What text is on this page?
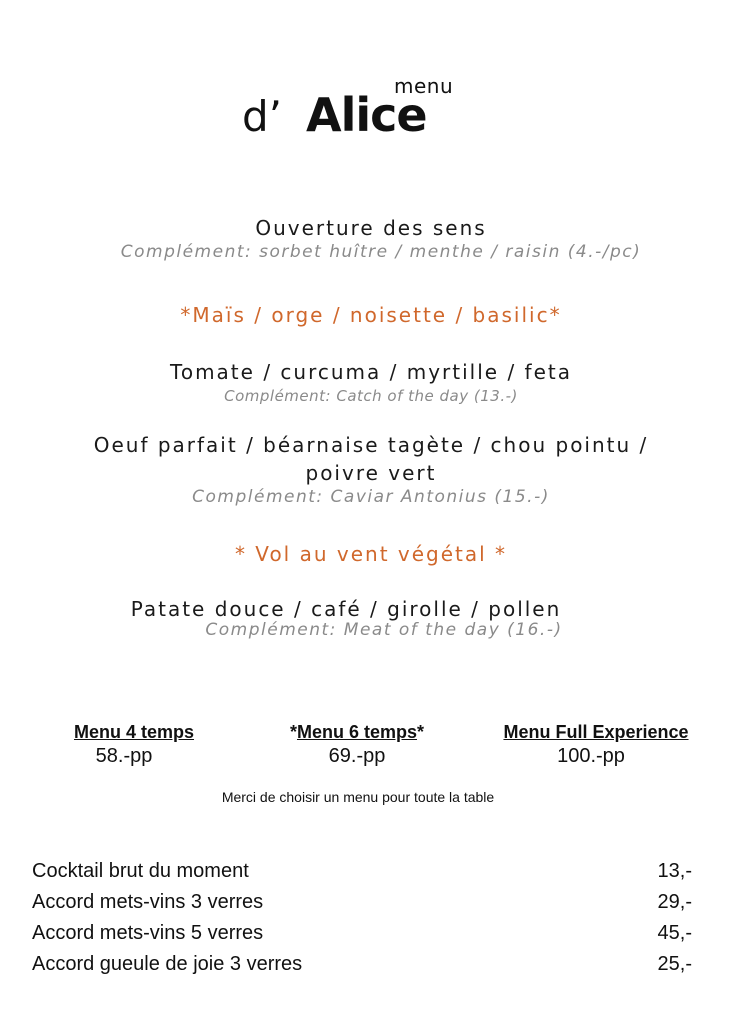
menu
d’ Alice
Ouverture des sens
Complément: sorbet huître / menthe / raisin (4.-/pc)
*Maïs / orge / noisette / basilic*
Tomate / curcuma / myrtille / feta
Complément: Catch of the day (13.-)
Oeuf parfait / béarnaise tagète / chou pointu /
poivre vert
Complément: Caviar Antonius (15.-)
* Vol au vent végétal *
Patate douce / café / girolle / pollen
Complément: Meat of the day (16.-)
Menu 4 temps
58.-pp
*Menu 6 temps*
69.-pp
Menu Full Experience
100.-pp
Merci de choisir un menu pour toute la table
Cocktail brut du moment	13,-
Accord mets-vins 3 verres	29,-
Accord mets-vins 5 verres	45,-
Accord gueule de joie 3 verres	25,-
